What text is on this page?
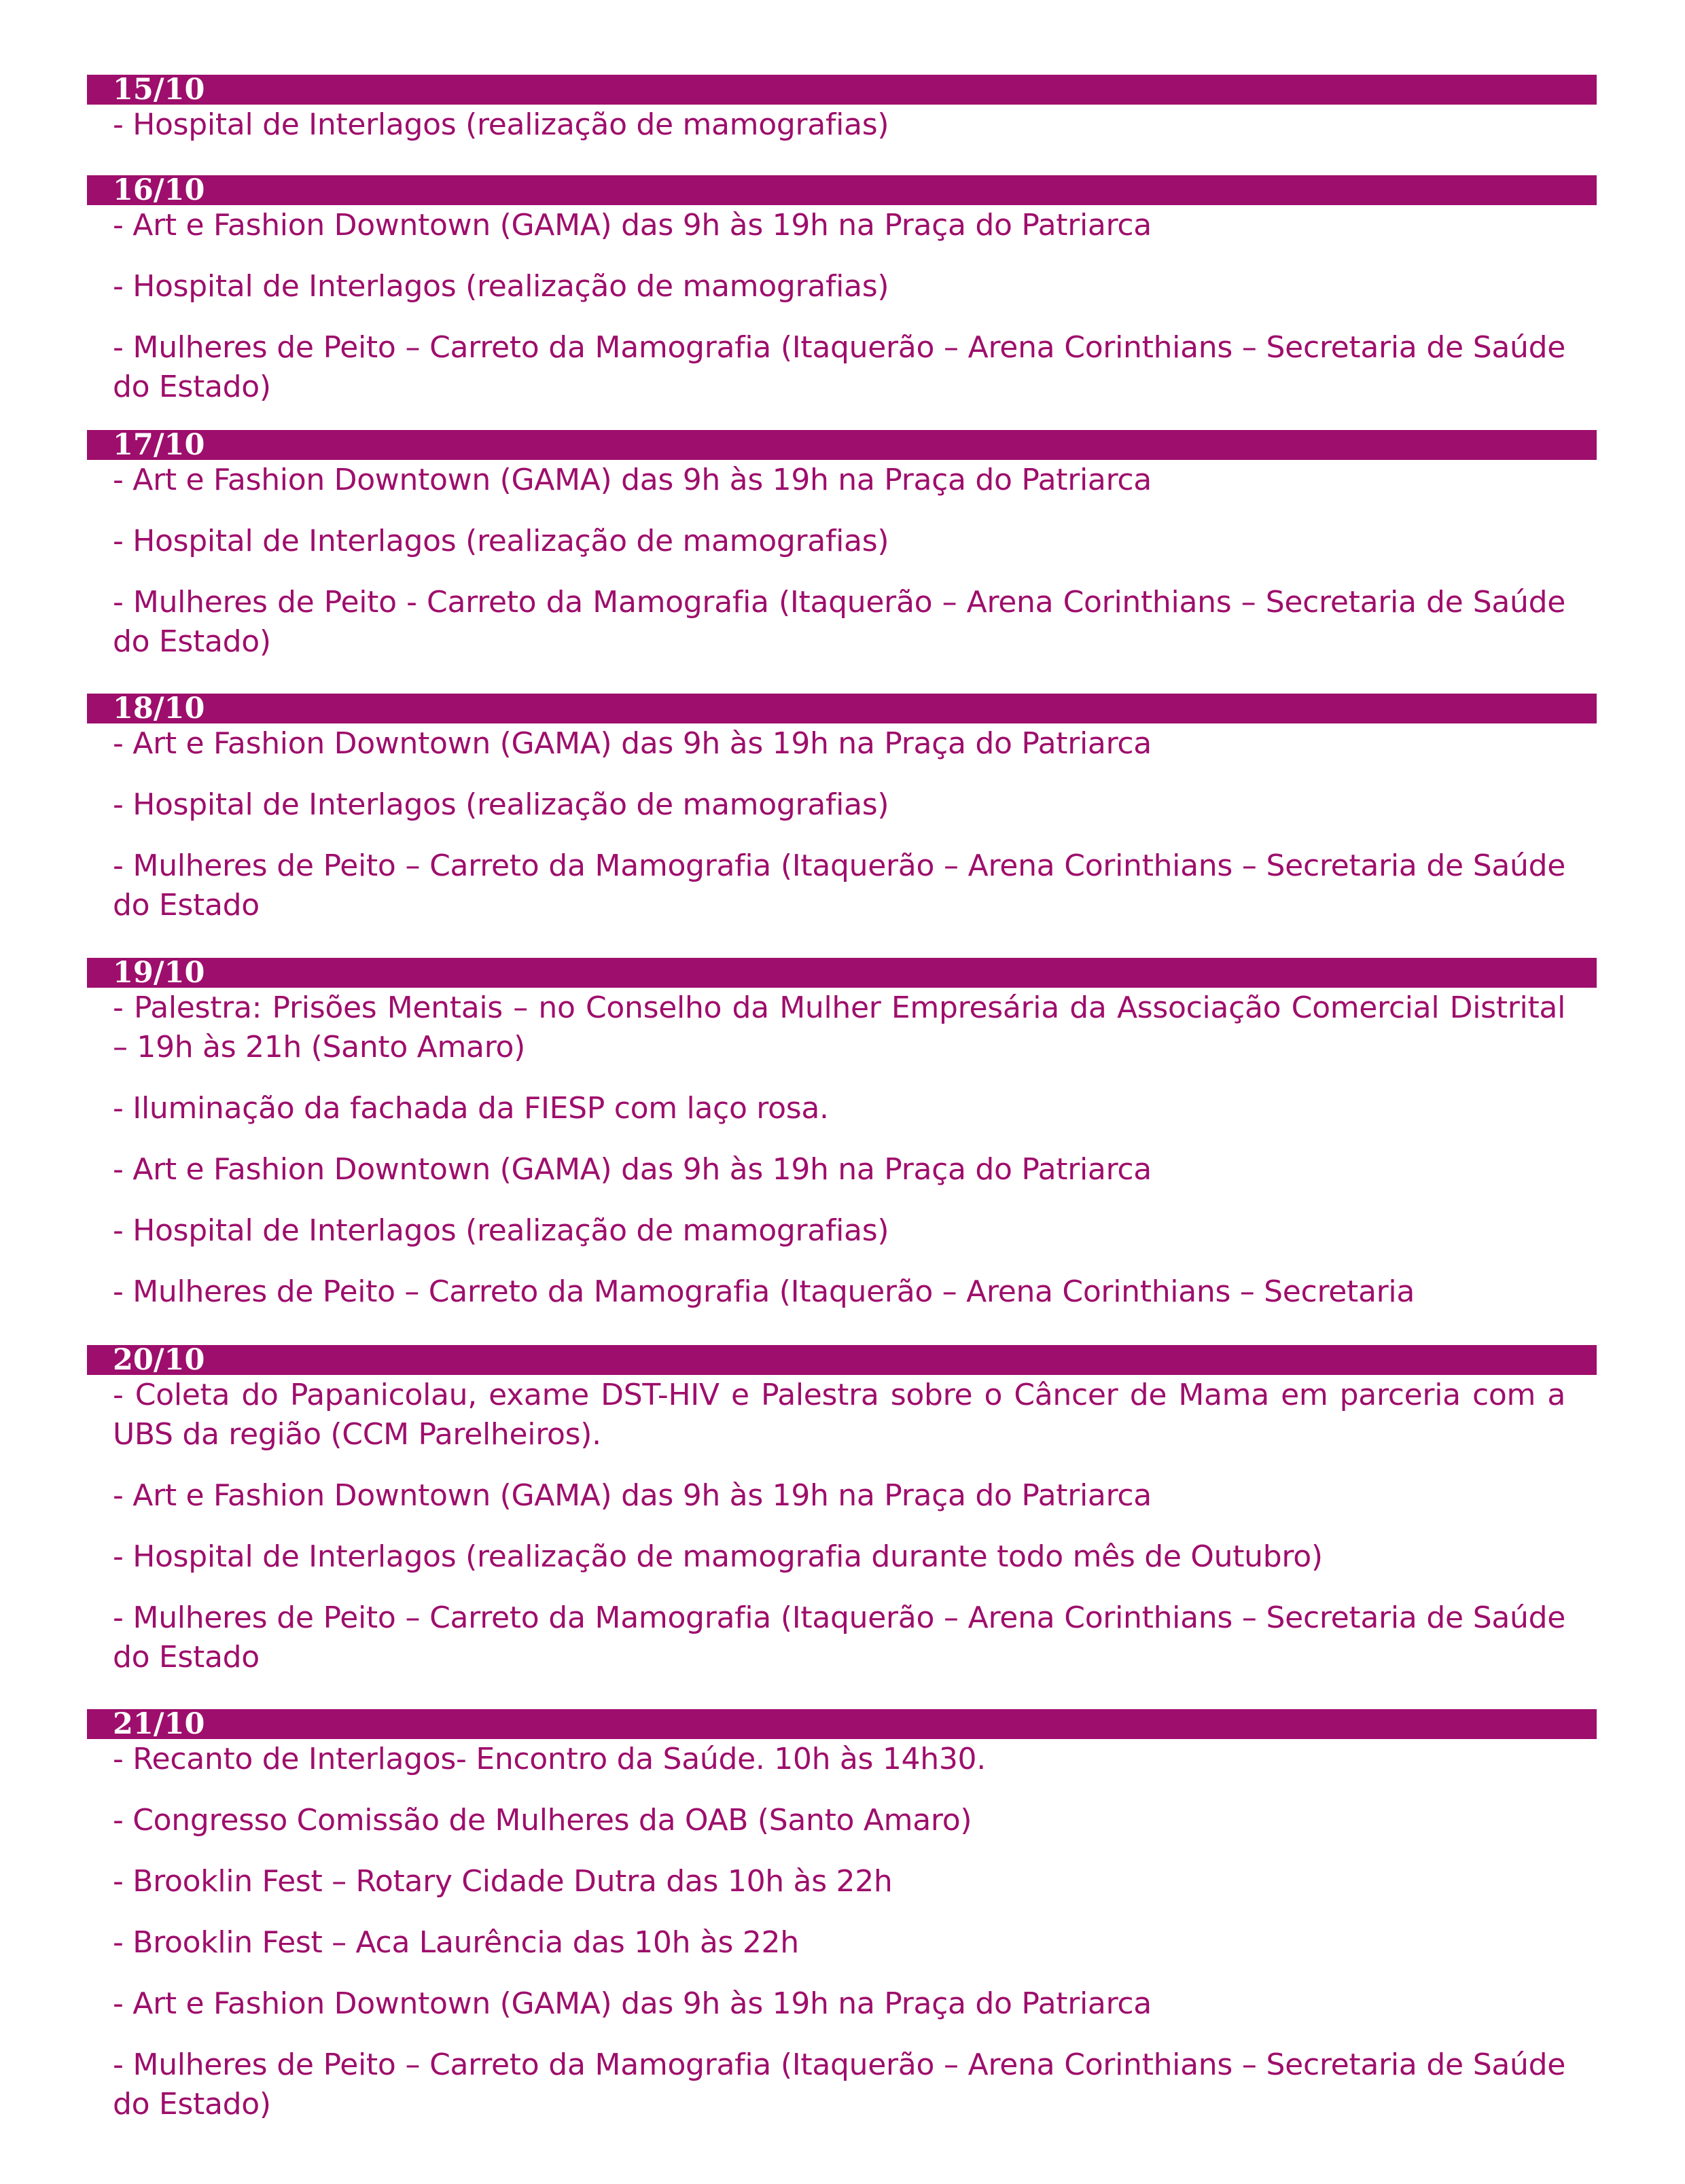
15/10
- Hospital de Interlagos (realização de mamografias)
16/10
- Art e Fashion Downtown (GAMA) das 9h às 19h na Praça do Patriarca
- Hospital de Interlagos (realização de mamografias)
- Mulheres de Peito – Carreto da Mamografia (Itaquerão – Arena Corinthians – Secretaria de Saúde do Estado)
17/10
- Art e Fashion Downtown (GAMA) das 9h às 19h na Praça do Patriarca
- Hospital de Interlagos (realização de mamografias)
- Mulheres de Peito - Carreto da Mamografia (Itaquerão – Arena Corinthians – Secretaria de Saúde do Estado)
18/10
- Art e Fashion Downtown (GAMA) das 9h às 19h na Praça do Patriarca
- Hospital de Interlagos (realização de mamografias)
- Mulheres de Peito – Carreto da Mamografia (Itaquerão – Arena Corinthians – Secretaria de Saúde do Estado
19/10
- Palestra: Prisões Mentais – no Conselho da Mulher Empresária da Associação Comercial Distrital – 19h às 21h (Santo Amaro)
- Iluminação da fachada da FIESP com laço rosa.
- Art e Fashion Downtown (GAMA) das 9h às 19h na Praça do Patriarca
- Hospital de Interlagos (realização de mamografias)
- Mulheres de Peito – Carreto da Mamografia (Itaquerão – Arena Corinthians – Secretaria
20/10
- Coleta do Papanicolau, exame DST-HIV e Palestra sobre o Câncer de Mama em parceria com a UBS da região (CCM Parelheiros).
- Art e Fashion Downtown (GAMA) das 9h às 19h na Praça do Patriarca
- Hospital de Interlagos (realização de mamografia durante todo mês de Outubro)
- Mulheres de Peito – Carreto da Mamografia (Itaquerão – Arena Corinthians – Secretaria de Saúde do Estado
21/10
- Recanto de Interlagos- Encontro da Saúde. 10h às 14h30.
- Congresso Comissão de Mulheres da OAB (Santo Amaro)
- Brooklin Fest – Rotary Cidade Dutra das 10h às 22h
- Brooklin Fest – Aca Laurência das 10h às 22h
- Art e Fashion Downtown (GAMA) das 9h às 19h na Praça do Patriarca
- Mulheres de Peito – Carreto da Mamografia (Itaquerão – Arena Corinthians – Secretaria de Saúde do Estado)
